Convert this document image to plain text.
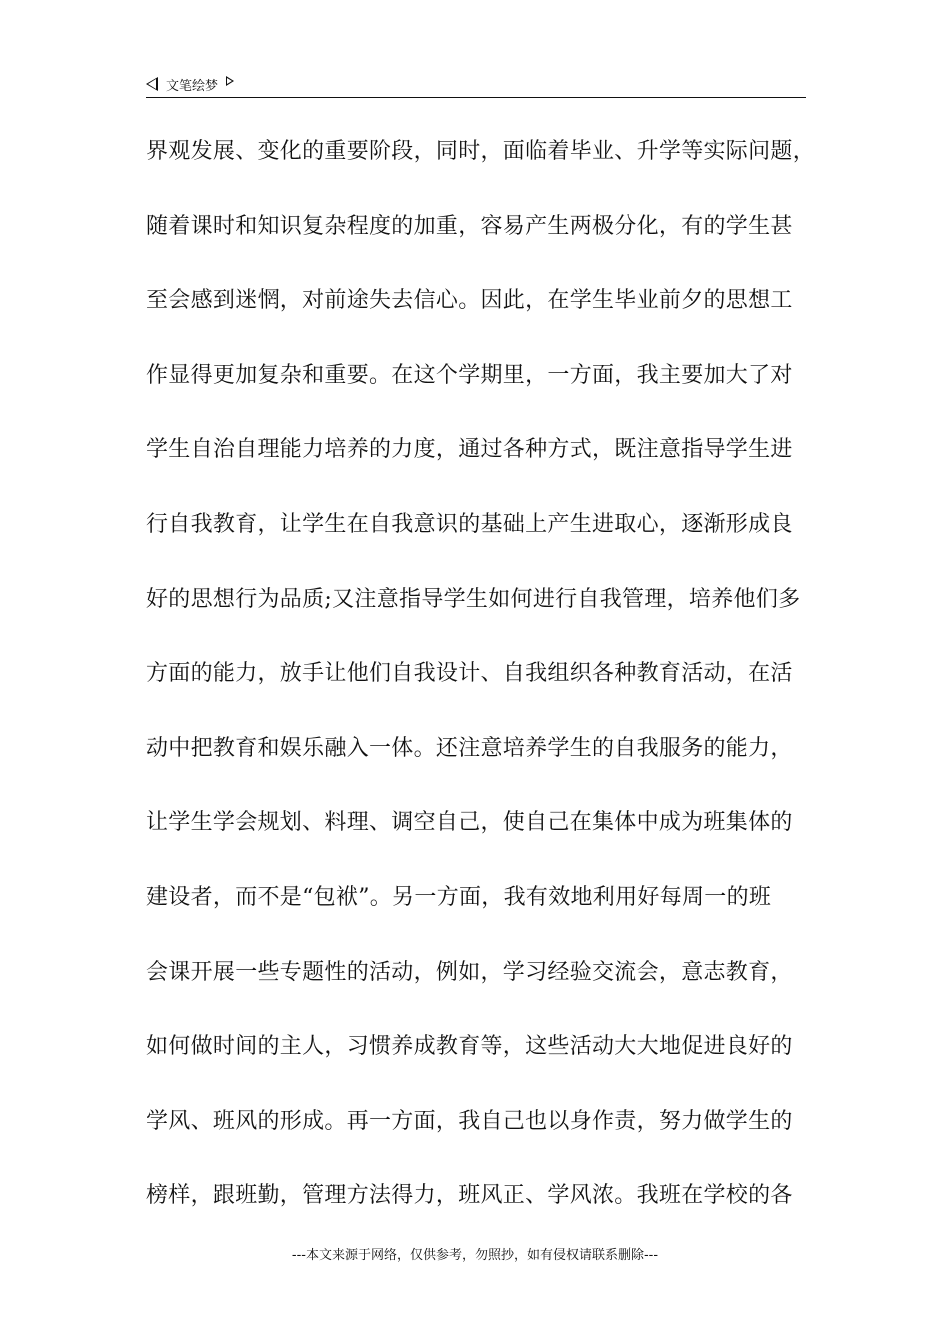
文笔绘梦
界观发展、变化的重要阶段，同时，面临着毕业、升学等实际问题，
随着课时和知识复杂程度的加重，容易产生两极分化，有的学生甚
至会感到迷惘，对前途失去信心。因此，在学生毕业前夕的思想工
作显得更加复杂和重要。在这个学期里，一方面，我主要加大了对
学生自治自理能力培养的力度，通过各种方式，既注意指导学生进
行自我教育，让学生在自我意识的基础上产生进取心，逐渐形成良
好的思想行为品质;又注意指导学生如何进行自我管理，培养他们多
方面的能力，放手让他们自我设计、自我组织各种教育活动，在活
动中把教育和娱乐融入一体。还注意培养学生的自我服务的能力，
让学生学会规划、料理、调空自己，使自己在集体中成为班集体的
建设者，而不是“包袱”。另一方面，我有效地利用好每周一的班
会课开展一些专题性的活动，例如，学习经验交流会，意志教育，
如何做时间的主人，习惯养成教育等，这些活动大大地促进良好的
学风、班风的形成。再一方面，我自己也以身作责，努力做学生的
榜样，跟班勤，管理方法得力，班风正、学风浓。我班在学校的各
---本文来源于网络，仅供参考，勿照抄，如有侵权请联系删除---
